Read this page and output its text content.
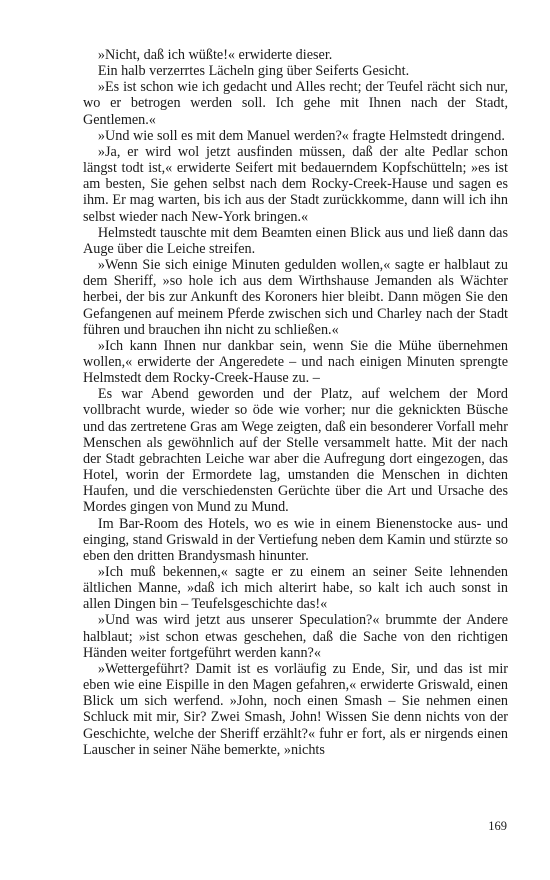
»Nicht, daß ich wüßte!« erwiderte dieser.

Ein halb verzerrtes Lächeln ging über Seiferts Gesicht.

»Es ist schon wie ich gedacht und Alles recht; der Teufel rächt sich nur, wo er betrogen werden soll. Ich gehe mit Ihnen nach der Stadt, Gentlemen.«

»Und wie soll es mit dem Manuel werden?« fragte Helmstedt dringend.

»Ja, er wird wol jetzt ausfinden müssen, daß der alte Pedlar schon längst todt ist,« erwiderte Seifert mit bedauerndem Kopfschütteln; »es ist am besten, Sie gehen selbst nach dem Rocky-Creek-Hause und sagen es ihm. Er mag warten, bis ich aus der Stadt zurückkomme, dann will ich ihn selbst wieder nach New-York bringen.«

Helmstedt tauschte mit dem Beamten einen Blick aus und ließ dann das Auge über die Leiche streifen.

»Wenn Sie sich einige Minuten gedulden wollen,« sagte er halblaut zu dem Sheriff, »so hole ich aus dem Wirthshause Jemanden als Wächter herbei, der bis zur Ankunft des Koroners hier bleibt. Dann mögen Sie den Gefangenen auf meinem Pferde zwischen sich und Charley nach der Stadt führen und brauchen ihn nicht zu schließen.«

»Ich kann Ihnen nur dankbar sein, wenn Sie die Mühe übernehmen wollen,« erwiderte der Angeredete – und nach einigen Minuten sprengte Helmstedt dem Rocky-Creek-Hause zu. –

Es war Abend geworden und der Platz, auf welchem der Mord vollbracht wurde, wieder so öde wie vorher; nur die geknickten Büsche und das zertretene Gras am Wege zeigten, daß ein besonderer Vorfall mehr Menschen als gewöhnlich auf der Stelle versammelt hatte. Mit der nach der Stadt gebrachten Leiche war aber die Aufregung dort eingezogen, das Hotel, worin der Ermordete lag, umstanden die Menschen in dichten Haufen, und die verschiedensten Gerüchte über die Art und Ursache des Mordes gingen von Mund zu Mund.

Im Bar-Room des Hotels, wo es wie in einem Bienenstocke aus- und einging, stand Griswald in der Vertiefung neben dem Kamin und stürzte so eben den dritten Brandysmash hinunter.

»Ich muß bekennen,« sagte er zu einem an seiner Seite lehnenden ältlichen Manne, »daß ich mich alterirt habe, so kalt ich auch sonst in allen Dingen bin – Teufelsgeschichte das!«

»Und was wird jetzt aus unserer Speculation?« brummte der Andere halblaut; »ist schon etwas geschehen, daß die Sache von den richtigen Händen weiter fortgeführt werden kann?«

»Wettergeführt? Damit ist es vorläufig zu Ende, Sir, und das ist mir eben wie eine Eispille in den Magen gefahren,« erwiderte Griswald, einen Blick um sich werfend. »John, noch einen Smash – Sie nehmen einen Schluck mit mir, Sir? Zwei Smash, John! Wissen Sie denn nichts von der Geschichte, welche der Sheriff erzählt?« fuhr er fort, als er nirgends einen Lauscher in seiner Nähe bemerkte, »nichts

169
